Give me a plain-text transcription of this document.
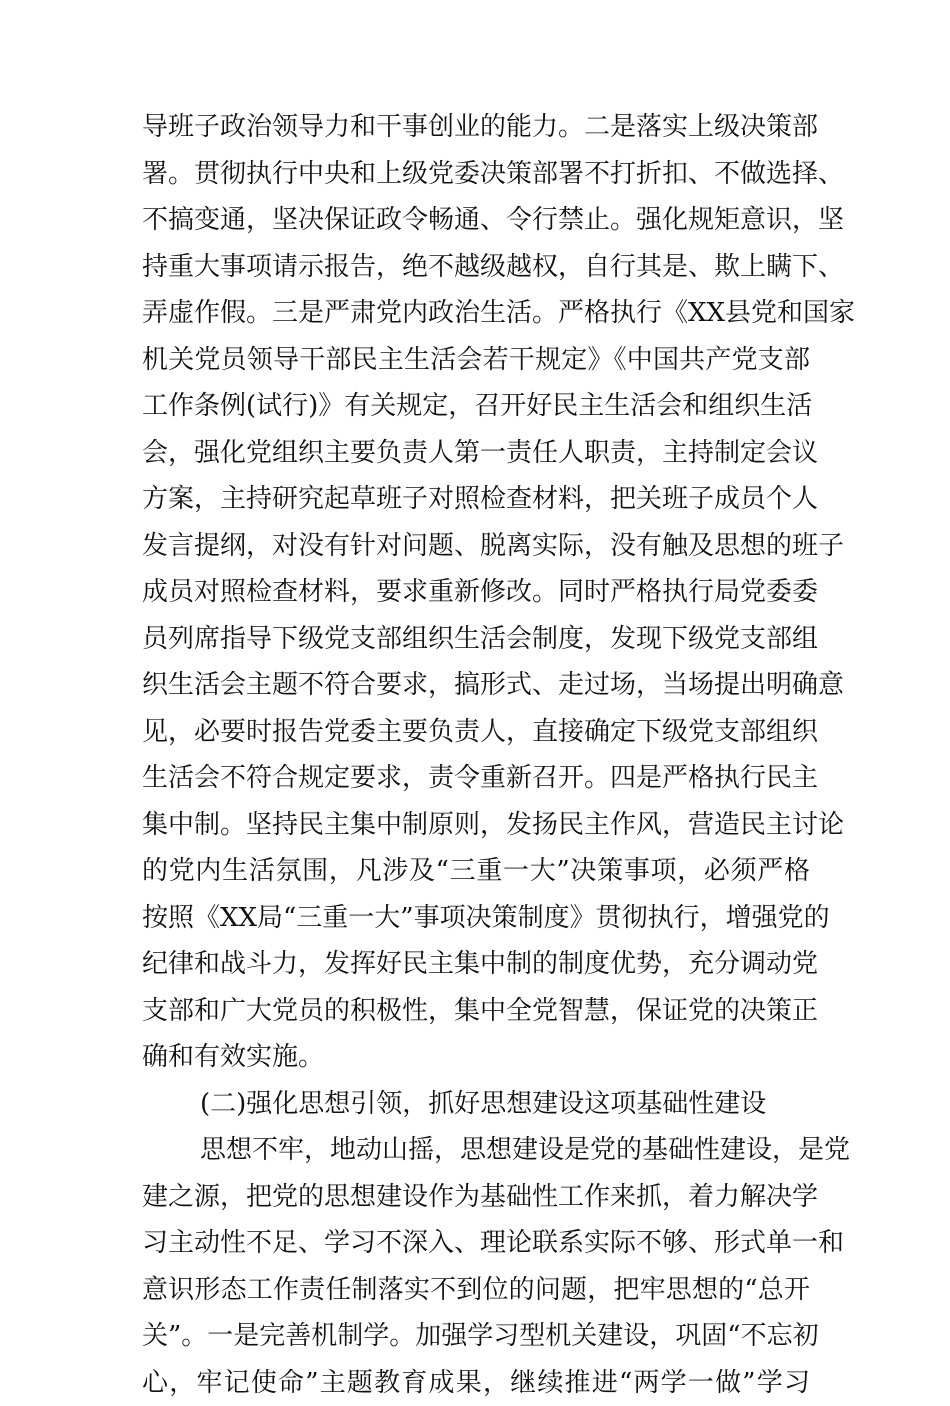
导班子政治领导力和干事创业的能力。二是落实上级决策部
署。贯彻执行中央和上级党委决策部署不打折扣、不做选择、
不搞变通，坚决保证政令畅通、令行禁止。强化规矩意识，坚
持重大事项请示报告，绝不越级越权，自行其是、欺上瞒下、
弄虚作假。三是严肃党内政治生活。严格执行《XX县党和国家
机关党员领导干部民主生活会若干规定》《中国共产党支部
工作条例(试行)》有关规定，召开好民主生活会和组织生活
会，强化党组织主要负责人第一责任人职责，主持制定会议
方案，主持研究起草班子对照检查材料，把关班子成员个人
发言提纲，对没有针对问题、脱离实际，没有触及思想的班子
成员对照检查材料，要求重新修改。同时严格执行局党委委
员列席指导下级党支部组织生活会制度，发现下级党支部组
织生活会主题不符合要求，搞形式、走过场，当场提出明确意
见，必要时报告党委主要负责人，直接确定下级党支部组织
生活会不符合规定要求，责令重新召开。四是严格执行民主
集中制。坚持民主集中制原则，发扬民主作风，营造民主讨论
的党内生活氛围，凡涉及“三重一大”决策事项，必须严格
按照《XX局“三重一大”事项决策制度》贯彻执行，增强党的
纪律和战斗力，发挥好民主集中制的制度优势，充分调动党
支部和广大党员的积极性，集中全党智慧，保证党的决策正
确和有效实施。
(二)强化思想引领，抓好思想建设这项基础性建设
思想不牢，地动山摇，思想建设是党的基础性建设，是党
建之源，把党的思想建设作为基础性工作来抓，着力解决学
习主动性不足、学习不深入、理论联系实际不够、形式单一和
意识形态工作责任制落实不到位的问题，把牢思想的“总开
关”。一是完善机制学。加强学习型机关建设，巩固“不忘初
心，牢记使命”主题教育成果，继续推进“两学一做”学习
